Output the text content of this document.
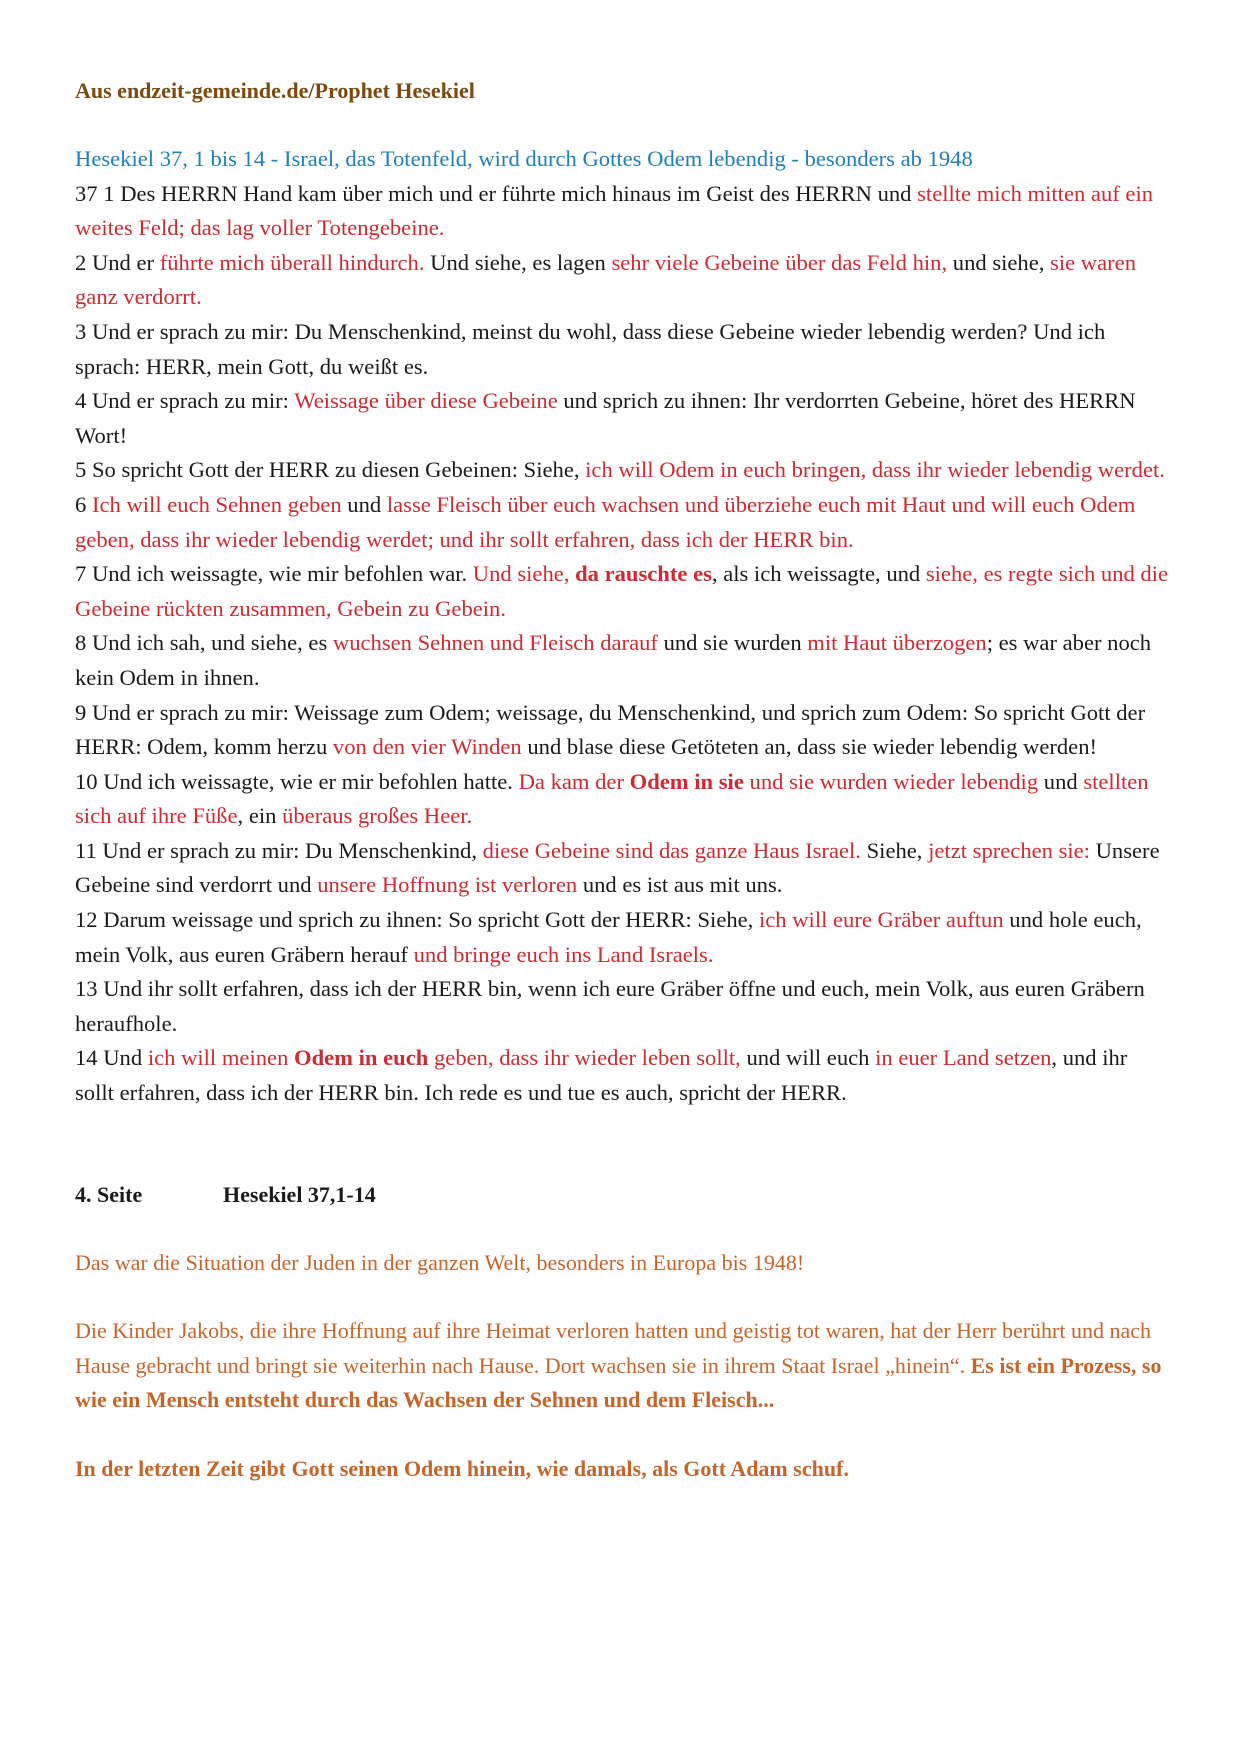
Aus endzeit-gemeinde.de/Prophet Hesekiel

Hesekiel 37, 1 bis 14 - Israel, das Totenfeld, wird durch Gottes Odem lebendig - besonders ab 1948

37 1 Des HERRN Hand kam über mich und er führte mich hinaus im Geist des HERRN und stellte mich mitten auf ein weites Feld; das lag voller Totengebeine.

2 Und er führte mich überall hindurch. Und siehe, es lagen sehr viele Gebeine über das Feld hin, und siehe, sie waren ganz verdorrt.

3 Und er sprach zu mir: Du Menschenkind, meinst du wohl, dass diese Gebeine wieder lebendig werden? Und ich sprach: HERR, mein Gott, du weißt es.

4 Und er sprach zu mir: Weissage über diese Gebeine und sprich zu ihnen: Ihr verdorrten Gebeine, höret des HERRN Wort!

5 So spricht Gott der HERR zu diesen Gebeinen: Siehe, ich will Odem in euch bringen, dass ihr wieder lebendig werdet.

6 Ich will euch Sehnen geben und lasse Fleisch über euch wachsen und überziehe euch mit Haut und will euch Odem geben, dass ihr wieder lebendig werdet; und ihr sollt erfahren, dass ich der HERR bin.

7 Und ich weissagte, wie mir befohlen war. Und siehe, da rauschte es, als ich weissagte, und siehe, es regte sich und die Gebeine rückten zusammen, Gebein zu Gebein.

8 Und ich sah, und siehe, es wuchsen Sehnen und Fleisch darauf und sie wurden mit Haut überzogen; es war aber noch kein Odem in ihnen.

9 Und er sprach zu mir: Weissage zum Odem; weissage, du Menschenkind, und sprich zum Odem: So spricht Gott der HERR: Odem, komm herzu von den vier Winden und blase diese Getöteten an, dass sie wieder lebendig werden!

10 Und ich weissagte, wie er mir befohlen hatte. Da kam der Odem in sie und sie wurden wieder lebendig und stellten sich auf ihre Füße, ein überaus großes Heer.

11 Und er sprach zu mir: Du Menschenkind, diese Gebeine sind das ganze Haus Israel. Siehe, jetzt sprechen sie: Unsere Gebeine sind verdorrt und unsere Hoffnung ist verloren und es ist aus mit uns.

12 Darum weissage und sprich zu ihnen: So spricht Gott der HERR: Siehe, ich will eure Gräber auftun und hole euch, mein Volk, aus euren Gräbern herauf und bringe euch ins Land Israels.

13 Und ihr sollt erfahren, dass ich der HERR bin, wenn ich eure Gräber öffne und euch, mein Volk, aus euren Gräbern heraufhole.

14 Und ich will meinen Odem in euch geben, dass ihr wieder leben sollt, und will euch in euer Land setzen, und ihr sollt erfahren, dass ich der HERR bin. Ich rede es und tue es auch, spricht der HERR.

4. Seite	Hesekiel 37,1-14

Das war die Situation der Juden in der ganzen Welt, besonders in Europa bis 1948!

Die Kinder Jakobs, die ihre Hoffnung auf ihre Heimat verloren hatten und geistig tot waren, hat der Herr berührt und nach Hause gebracht und bringt sie weiterhin nach Hause. Dort wachsen sie in ihrem Staat Israel „hinein“. Es ist ein Prozess, so wie ein Mensch entsteht durch das Wachsen der Sehnen und dem Fleisch...

In der letzten Zeit gibt Gott seinen Odem hinein, wie damals, als Gott Adam schuf.
